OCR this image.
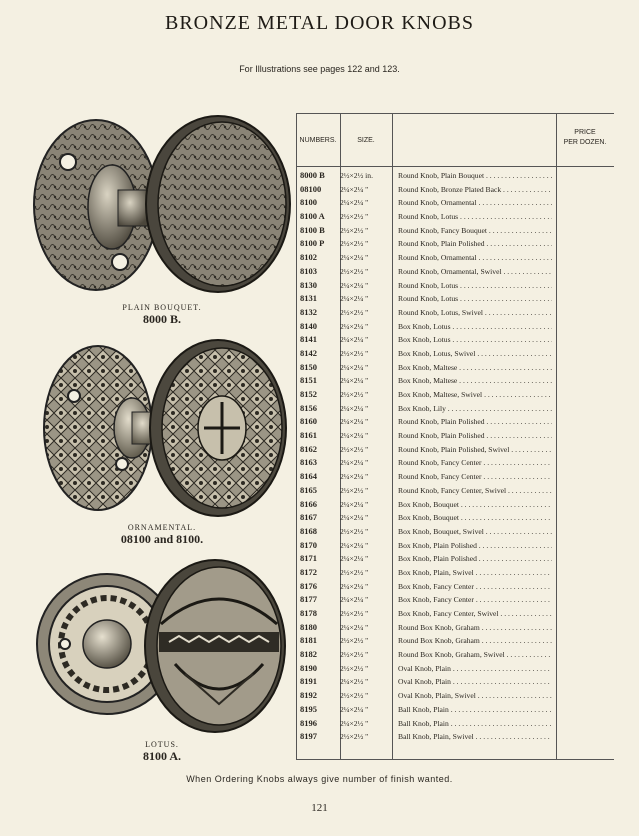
BRONZE METAL DOOR KNOBS
For Illustrations see pages 122 and 123.
PLAIN BOUQUET.
8000 B.
ORNAMENTAL.
08100 and 8100.
LOTUS.
8100 A.
NUMBERS.	SIZE.
PRICE
PER DOZEN.
8000 B	2½×2½ in.	Round Knob, Plain Bouquet . . .
08100	2¼×2¼ "	Round Knob, Bronze Plated Back . . .
8100	2¼×2¼ "	Round Knob, Ornamental . . .
8100 A	2½×2½ "	Round Knob, Lotus . . .
8100 B	2½×2½ "	Round Knob, Fancy Bouquet . . .
8100 P	2½×2½ "	Round Knob, Plain Polished . . .
8102	2¼×2¼ "	Round Knob, Ornamental . . .
8103	2½×2½ "	Round Knob, Ornamental, Swivel . . .
8130	2¼×2¼ "	Round Knob, Lotus . . .
8131	2¼×2¼ "	Round Knob, Lotus . . .
8132	2½×2½ "	Round Knob, Lotus, Swivel . . .
8140	2¼×2¼ "	Box Knob, Lotus . . .
8141	2¼×2¼ "	Box Knob, Lotus . . .
8142	2½×2½ "	Box Knob, Lotus, Swivel . . .
8150	2¼×2¼ "	Box Knob, Maltese . . .
8151	2¼×2¼ "	Box Knob, Maltese . . .
8152	2½×2½ "	Box Knob, Maltese, Swivel . . .
8156	2¼×2¼ "	Box Knob, Lily . . .
8160	2¼×2¼ "	Round Knob, Plain Polished . . .
8161	2¼×2¼ "	Round Knob, Plain Polished . . .
8162	2½×2½ "	Round Knob, Plain Polished, Swivel . . .
8163	2¼×2¼ "	Round Knob, Fancy Center . . .
8164	2¼×2¼ "	Round Knob, Fancy Center . . .
8165	2½×2½ "	Round Knob, Fancy Center, Swivel . . .
8166	2¼×2¼ "	Box Knob, Bouquet . . .
8167	2¼×2¼ "	Box Knob, Bouquet . . .
8168	2½×2½ "	Box Knob, Bouquet, Swivel . . .
8170	2¼×2¼ "	Box Knob, Plain Polished . . .
8171	2¼×2¼ "	Box Knob, Plain Polished . . .
8172	2½×2½ "	Box Knob, Plain, Swivel . . .
8176	2¼×2¼ "	Box Knob, Fancy Center . . .
8177	2¼×2¼ "	Box Knob, Fancy Center . . .
8178	2½×2½ "	Box Knob, Fancy Center, Swivel . . .
8180	2¼×2¼ "	Round Box Knob, Graham . . .
8181	2½×2½ "	Round Box Knob, Graham . . .
8182	2½×2½ "	Round Box Knob, Graham, Swivel . . .
8190	2½×2½ "	Oval Knob, Plain . . .
8191	2¼×2½ "	Oval Knob, Plain . . .
8192	2½×2½ "	Oval Knob, Plain, Swivel . . .
8195	2¼×2¼ "	Ball Knob, Plain . . .
8196	2¼×2½ "	Ball Knob, Plain . . .
8197	2½×2½ "	Ball Knob, Plain, Swivel . . .
When Ordering Knobs always give number of finish wanted.
121
